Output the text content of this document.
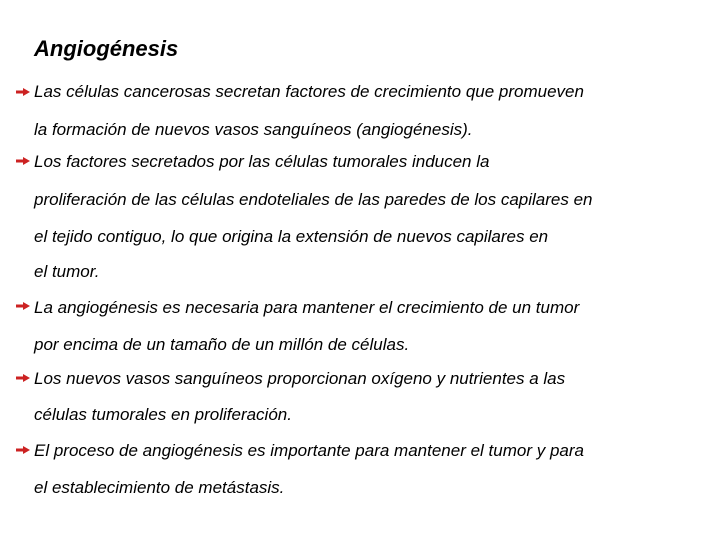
Angiogénesis
Las células cancerosas secretan factores de crecimiento que promueven
la formación de nuevos vasos sanguíneos (angiogénesis).
Los factores secretados por las células tumorales inducen la
proliferación de las células endoteliales de las paredes de los capilares en
el tejido contiguo, lo que origina la extensión de nuevos capilares en
el tumor.
La angiogénesis es necesaria para mantener el crecimiento de un tumor
por encima de un tamaño de un millón de células.
Los nuevos vasos sanguíneos proporcionan oxígeno y nutrientes a las
células tumorales en proliferación.
El proceso de angiogénesis es importante para mantener el tumor y para
el establecimiento de metástasis.
